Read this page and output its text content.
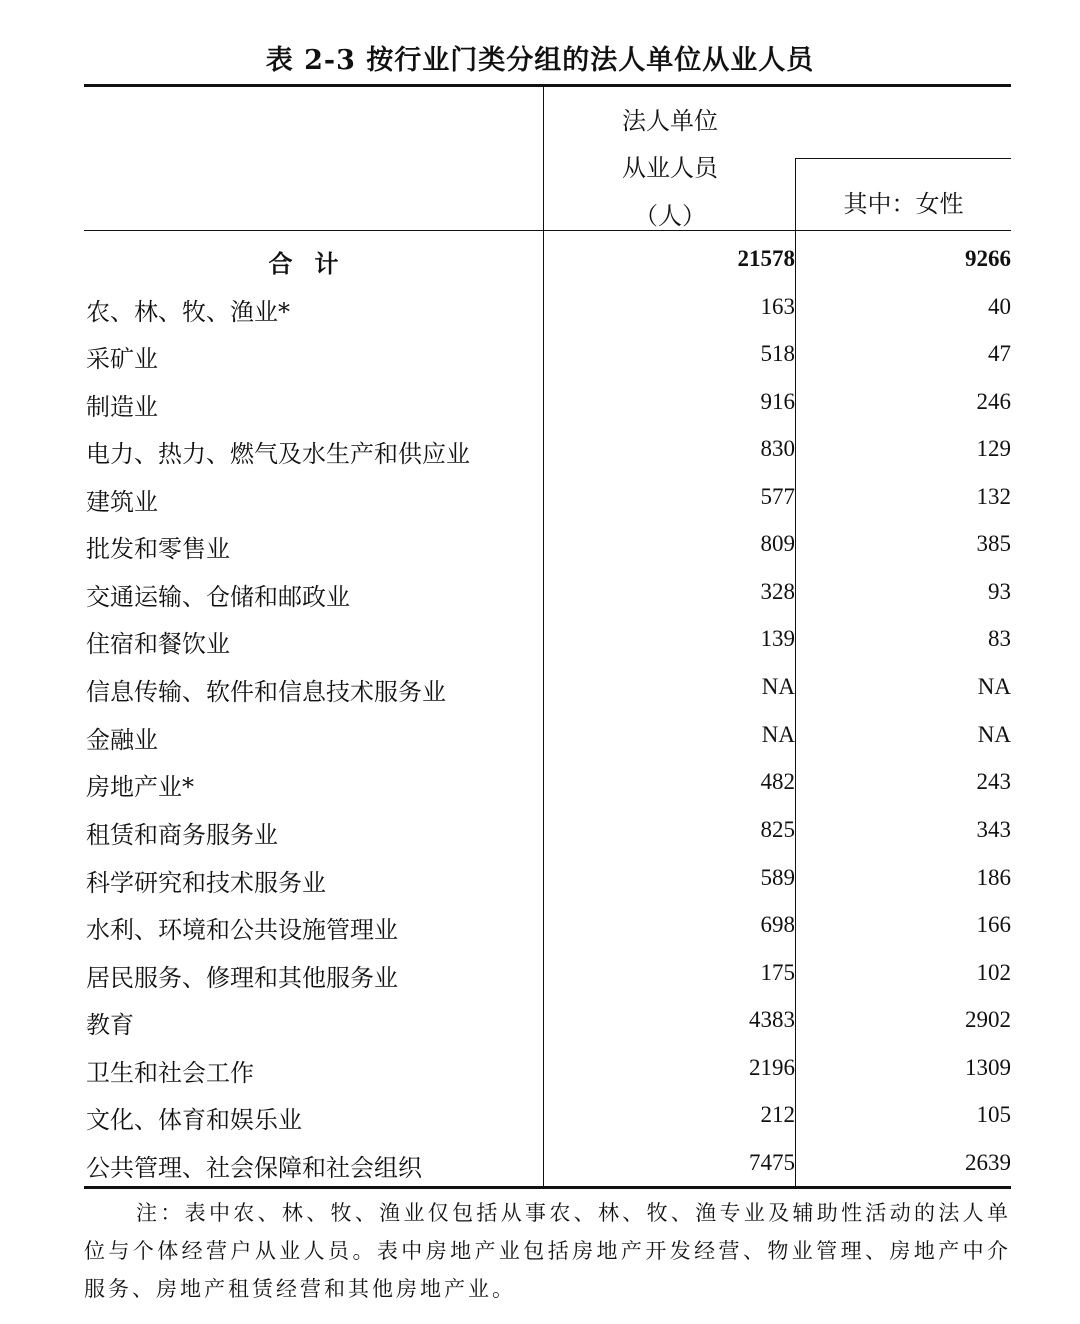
表 2-3 按行业门类分组的法人单位从业人员
法人单位
从业人员
（人）	其中：女性
合计	21578	9266
农、林、牧、渔业*	163	40
采矿业	518	47
制造业	916	246
电力、热力、燃气及水生产和供应业	830	129
建筑业	577	132
批发和零售业	809	385
交通运输、仓储和邮政业	328	93
住宿和餐饮业	139	83
信息传输、软件和信息技术服务业	NA	NA
金融业	NA	NA
房地产业*	482	243
租赁和商务服务业	825	343
科学研究和技术服务业	589	186
水利、环境和公共设施管理业	698	166
居民服务、修理和其他服务业	175	102
教育	4383	2902
卫生和社会工作	2196	1309
文化、体育和娱乐业	212	105
公共管理、社会保障和社会组织	7475	2639
注：表中农、林、牧、渔业仅包括从事农、林、牧、渔专业及辅助性活动的法人单位与个体经营户从业人员。表中房地产业包括房地产开发经营、物业管理、房地产中介服务、房地产租赁经营和其他房地产业。
